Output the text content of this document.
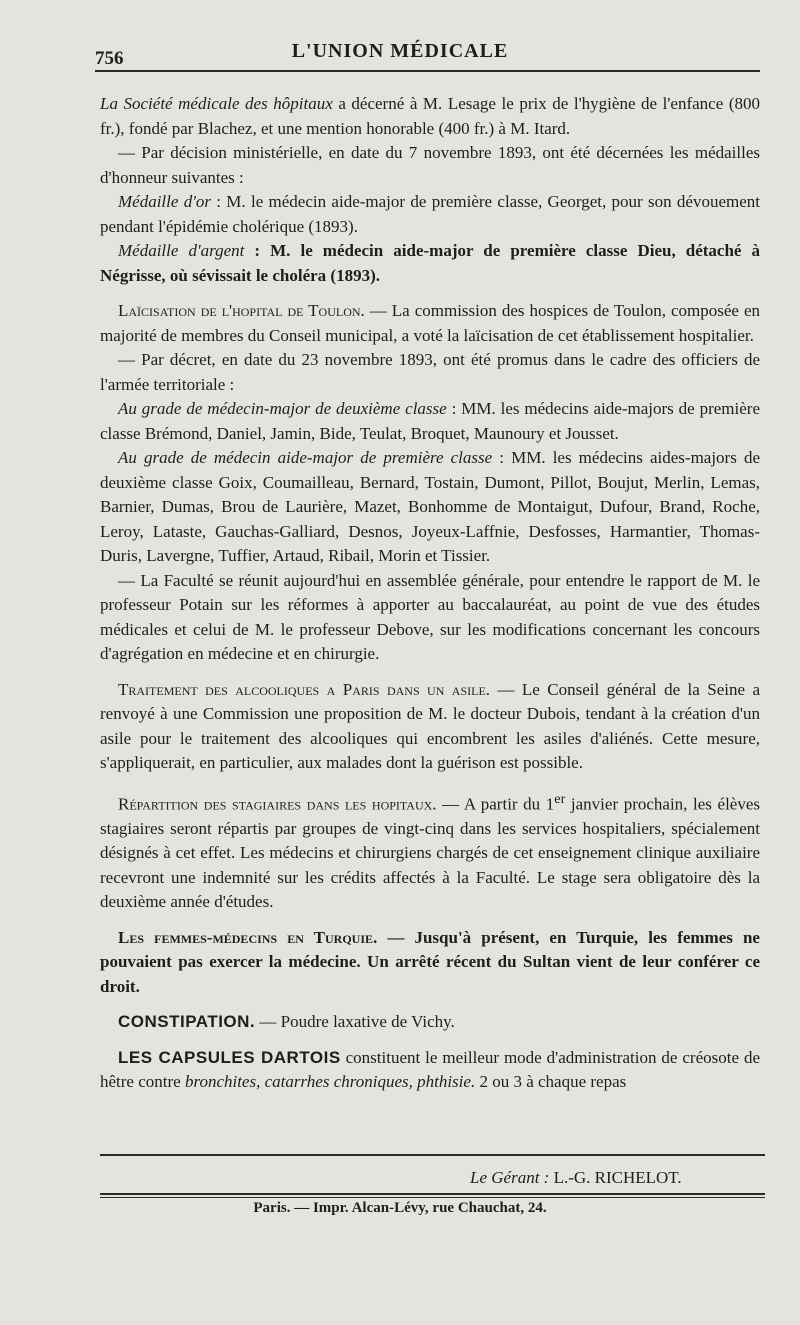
756	L'UNION MÉDICALE

La Société médicale des hôpitaux a décerné à M. Lesage le prix de l'hygiène de l'enfance (800 fr.), fondé par Blachez, et une mention honorable (400 fr.) à M. Itard.

— Par décision ministérielle, en date du 7 novembre 1893, ont été décernées les médailles d'honneur suivantes :

Médaille d'or : M. le médecin aide-major de première classe, Georget, pour son dévouement pendant l'épidémie cholérique (1893).

Médaille d'argent : M. le médecin aide-major de première classe Dieu, détaché à Négrisse, où sévissait le choléra (1893).

Laïcisation de l'hopital de Toulon. — La commission des hospices de Toulon, composée en majorité de membres du Conseil municipal, a voté la laïcisation de cet établissement hospitalier.

— Par décret, en date du 23 novembre 1893, ont été promus dans le cadre des officiers de l'armée territoriale :

Au grade de médecin-major de deuxième classe : MM. les médecins aide-majors de première classe Brémond, Daniel, Jamin, Bide, Teulat, Broquet, Maunoury et Jousset.

Au grade de médecin aide-major de première classe : MM. les médecins aides-majors de deuxième classe Goix, Coumailleau, Bernard, Tostain, Dumont, Pillot, Boujut, Merlin, Lemas, Barnier, Dumas, Brou de Laurière, Mazet, Bonhomme de Montaigut, Dufour, Brand, Roche, Leroy, Lataste, Gauchas-Galliard, Desnos, Joyeux-Laffnie, Desfosses, Harmantier, Thomas-Duris, Lavergne, Tuffier, Artaud, Ribail, Morin et Tissier.

— La Faculté se réunit aujourd'hui en assemblée générale, pour entendre le rapport de M. le professeur Potain sur les réformes à apporter au baccalauréat, au point de vue des études médicales et celui de M. le professeur Debove, sur les modifications concernant les concours d'agrégation en médecine et en chirurgie.

Traitement des alcooliques a Paris dans un asile. — Le Conseil général de la Seine a renvoyé à une Commission une proposition de M. le docteur Dubois, tendant à la création d'un asile pour le traitement des alcooliques qui encombrent les asiles d'aliénés. Cette mesure, s'appliquerait, en particulier, aux malades dont la guérison est possible.

Répartition des stagiaires dans les hopitaux. — A partir du 1er janvier prochain, les élèves stagiaires seront répartis par groupes de vingt-cinq dans les services hospitaliers, spécialement désignés à cet effet. Les médecins et chirurgiens chargés de cet enseignement clinique auxiliaire recevront une indemnité sur les crédits affectés à la Faculté. Le stage sera obligatoire dès la deuxième année d'études.

Les femmes-médecins en Turquie. — Jusqu'à présent, en Turquie, les femmes ne pouvaient pas exercer la médecine. Un arrêté récent du Sultan vient de leur conférer ce droit.

CONSTIPATION. — Poudre laxative de Vichy.

LES CAPSULES DARTOIS constituent le meilleur mode d'administration de créosote de hêtre contre bronchites, catarrhes chroniques, phthisie. 2 ou 3 à chaque repas

Le Gérant : L.-G. RICHELOT.
Paris. — Impr. Alcan-Lévy, rue Chauchat, 24.
